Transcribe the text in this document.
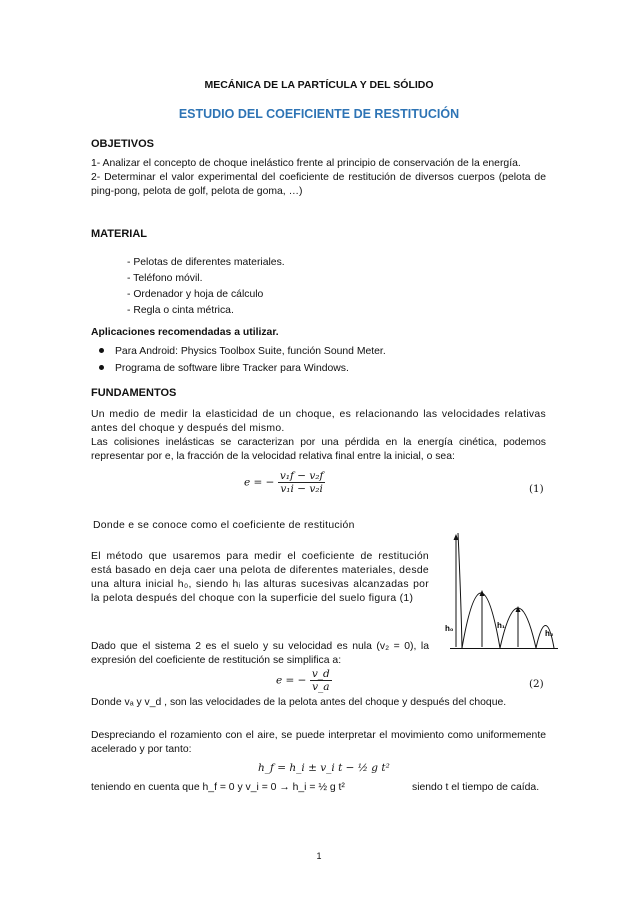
MECÁNICA DE LA PARTÍCULA Y DEL SÓLIDO
ESTUDIO DEL COEFICIENTE DE RESTITUCIÓN
OBJETIVOS
1- Analizar el concepto de choque inelástico frente al principio de conservación de la energía.
2- Determinar el valor experimental del coeficiente de restitución de diversos cuerpos (pelota de ping-pong, pelota de golf, pelota de goma, …)
MATERIAL
- Pelotas de diferentes materiales.
- Teléfono móvil.
- Ordenador y hoja de cálculo
- Regla o cinta métrica.
Aplicaciones recomendadas a utilizar.
Para Android: Physics Toolbox Suite, función Sound Meter.
Programa de software libre Tracker para Windows.
FUNDAMENTOS
Un medio de medir la elasticidad de un choque, es relacionando las velocidades relativas antes del choque y después del mismo.
Las colisiones inelásticas se caracterizan por una pérdida en la energía cinética, podemos representar por e, la fracción de la velocidad relativa final entre la inicial, o sea:
e = − $\frac{\text{v₁f − v₂f}}{\text{v₁i − v₂i}}$	(1)
Donde e se conoce como el coeficiente de restitución
El método que usaremos para medir el coeficiente de restitución está basado en deja caer una pelota de diferentes materiales, desde una altura inicial h₀, siendo hᵢ las alturas sucesivas alcanzadas por la pelota después del choque con la superficie del suelo figura (1)
h₀	h₁
h₂
Dado que el sistema 2 es el suelo y su velocidad es nula (v₂ = 0), la expresión del coeficiente de restitución se simplifica a:
e = − $\frac{v\_d}{v\_a}$	(2)
Donde vₐ y v_d , son las velocidades de la pelota antes del choque y después del choque.
Despreciando el rozamiento con el aire, se puede interpretar el movimiento como uniformemente acelerado y por tanto:
h_f = h_i ± v_i t − ½ g t²
teniendo en cuenta que h_f = 0 y v_i = 0 → h_i = ½ g t²	siendo t el tiempo de caída.
1
